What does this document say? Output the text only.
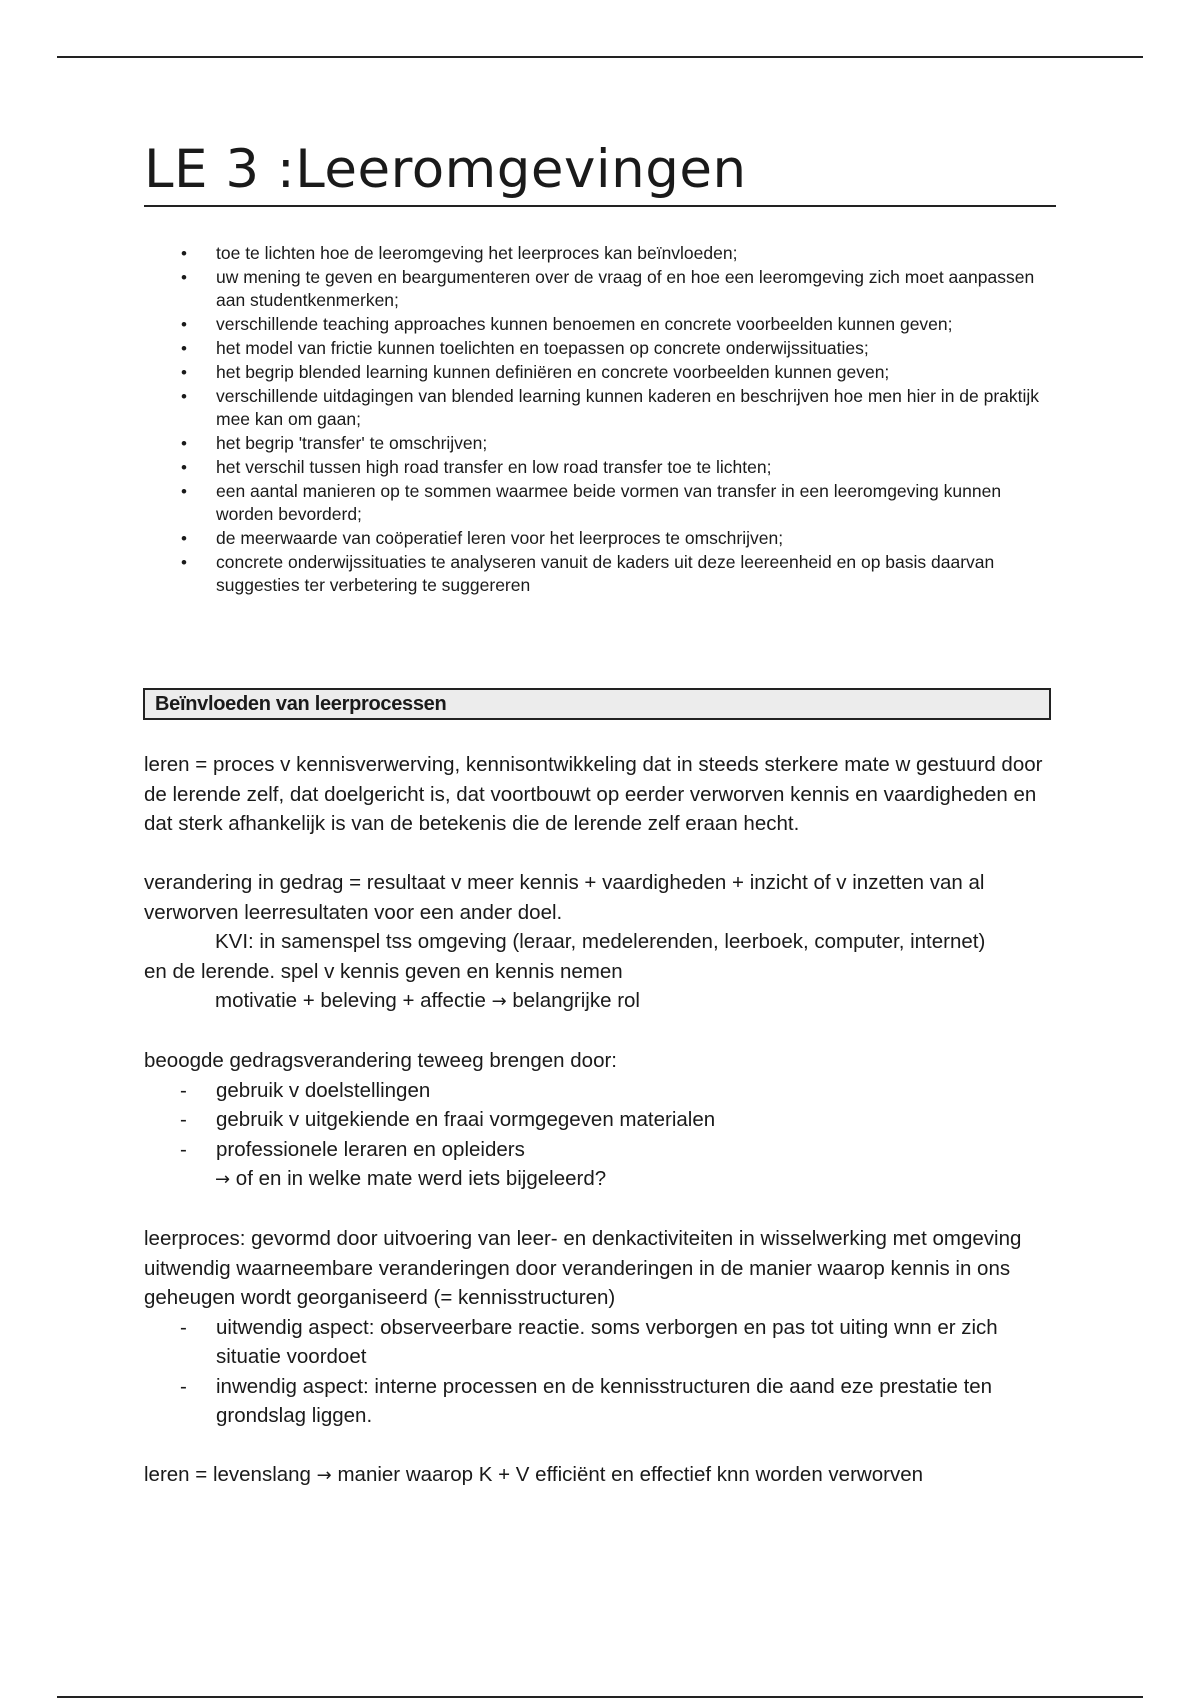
LE 3 :Leeromgevingen
• toe te lichten hoe de leeromgeving het leerproces kan beïnvloeden;
• uw mening te geven en beargumenteren over de vraag of en hoe een leeromgeving zich moet aanpassen aan studentkenmerken;
• verschillende teaching approaches kunnen benoemen en concrete voorbeelden kunnen geven;
• het model van frictie kunnen toelichten en toepassen op concrete onderwijssituaties;
• het begrip blended learning kunnen definiëren en concrete voorbeelden kunnen geven;
• verschillende uitdagingen van blended learning kunnen kaderen en beschrijven hoe men hier in de praktijk mee kan om gaan;
• het begrip 'transfer' te omschrijven;
• het verschil tussen high road transfer en low road transfer toe te lichten;
• een aantal manieren op te sommen waarmee beide vormen van transfer in een leeromgeving kunnen worden bevorderd;
• de meerwaarde van coöperatief leren voor het leerproces te omschrijven;
• concrete onderwijssituaties te analyseren vanuit de kaders uit deze leereenheid en op basis daarvan suggesties ter verbetering te suggereren
Beïnvloeden van leerprocessen

leren = proces v kennisverwerving, kennisontwikkeling dat in steeds sterkere mate w gestuurd door de lerende zelf, dat doelgericht is, dat voortbouwt op eerder verworven kennis en vaardigheden en dat sterk afhankelijk is van de betekenis die de lerende zelf eraan hecht.

verandering in gedrag = resultaat v meer kennis + vaardigheden + inzicht of v inzetten van al verworven leerresultaten voor een ander doel.

KVI: in samenspel tss omgeving (leraar, medelerenden, leerboek, computer, internet)

en de lerende. spel v kennis geven en kennis nemen

motivatie + beleving + affectie → belangrijke rol

beoogde gedragsverandering teweeg brengen door:

- gebruik v doelstellingen
- gebruik v uitgekiende en fraai vormgegeven materialen
- professionele leraren en opleiders

→ of en in welke mate werd iets bijgeleerd?

leerproces: gevormd door uitvoering van leer- en denkactiviteiten in wisselwerking met omgeving

uitwendig waarneembare veranderingen door veranderingen in de manier waarop kennis in ons geheugen wordt georganiseerd (= kennisstructuren)

- uitwendig aspect: observeerbare reactie. soms verborgen en pas tot uiting wnn er zich situatie voordoet
- inwendig aspect: interne processen en de kennisstructuren die aand eze prestatie ten grondslag liggen.

leren = levenslang → manier waarop K + V efficiënt en effectief knn worden verworven
